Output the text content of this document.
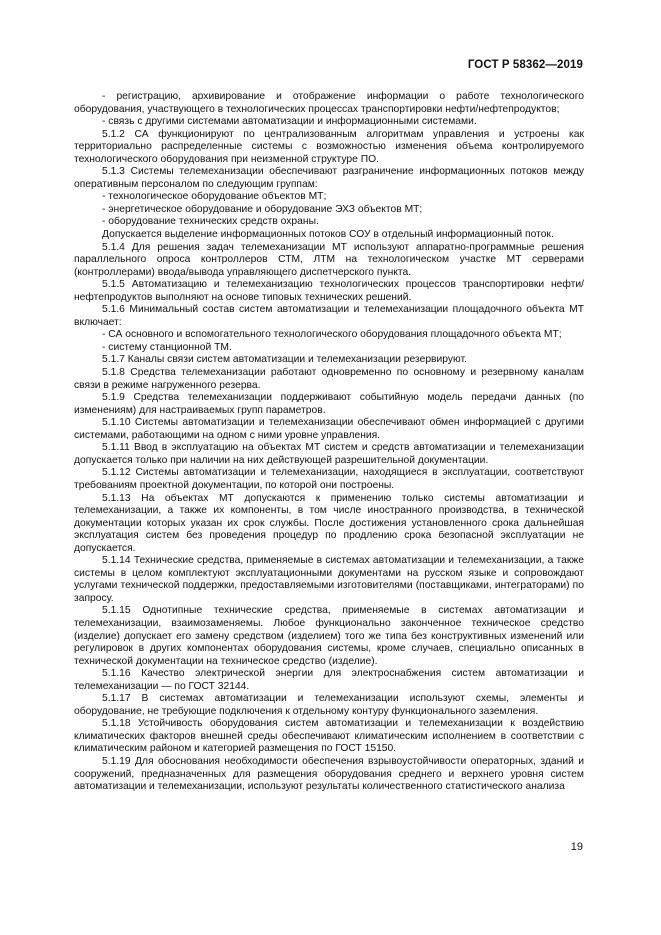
ГОСТ Р 58362—2019

- регистрацию, архивирование и отображение информации о работе технологического оборудования, участвующего в технологических процессах транспортировки нефти/нефтепродуктов;

- связь с другими системами автоматизации и информационными системами.

5.1.2 СА функционируют по централизованным алгоритмам управления и устроены как территориально распределенные системы с возможностью изменения объема контролируемого технологического оборудования при неизменной структуре ПО.

5.1.3 Системы телемеханизации обеспечивают разграничение информационных потоков между оперативным персоналом по следующим группам:

- технологическое оборудование объектов МТ;

- энергетическое оборудование и оборудование ЭХЗ объектов МТ;

- оборудование технических средств охраны.

Допускается выделение информационных потоков СОУ в отдельный информационный поток.

5.1.4 Для решения задач телемеханизации МТ используют аппаратно-программные решения параллельного опроса контроллеров СТМ, ЛТМ на технологическом участке МТ серверами (контроллерами) ввода/вывода управляющего диспетчерского пункта.

5.1.5 Автоматизацию и телемеханизацию технологических процессов транспортировки нефти/нефтепродуктов выполняют на основе типовых технических решений.

5.1.6 Минимальный состав систем автоматизации и телемеханизации площадочного объекта МТ включает:

- СА основного и вспомогательного технологического оборудования площадочного объекта МТ;

- систему станционной ТМ.

5.1.7 Каналы связи систем автоматизации и телемеханизации резервируют.

5.1.8 Средства телемеханизации работают одновременно по основному и резервному каналам связи в режиме нагруженного резерва.

5.1.9 Средства телемеханизации поддерживают событийную модель передачи данных (по изменениям) для настраиваемых групп параметров.

5.1.10 Системы автоматизации и телемеханизации обеспечивают обмен информацией с другими системами, работающими на одном с ними уровне управления.

5.1.11 Ввод в эксплуатацию на объектах МТ систем и средств автоматизации и телемеханизации допускается только при наличии на них действующей разрешительной документации.

5.1.12 Системы автоматизации и телемеханизации, находящиеся в эксплуатации, соответствуют требованиям проектной документации, по которой они построены.

5.1.13 На объектах МТ допускаются к применению только системы автоматизации и телемеханизации, а также их компоненты, в том числе иностранного производства, в технической документации которых указан их срок службы. После достижения установленного срока дальнейшая эксплуатация систем без проведения процедур по продлению срока безопасной эксплуатации не допускается.

5.1.14 Технические средства, применяемые в системах автоматизации и телемеханизации, а также системы в целом комплектуют эксплуатационными документами на русском языке и сопровождают услугами технической поддержки, предоставляемыми изготовителями (поставщиками, интеграторами) по запросу.

5.1.15 Однотипные технические средства, применяемые в системах автоматизации и телемеханизации, взаимозаменяемы. Любое функционально законченное техническое средство (изделие) допускает его замену средством (изделием) того же типа без конструктивных изменений или регулировок в других компонентах оборудования системы, кроме случаев, специально описанных в технической документации на техническое средство (изделие).

5.1.16 Качество электрической энергии для электроснабжения систем автоматизации и телемеханизации — по ГОСТ 32144.

5.1.17 В системах автоматизации и телемеханизации используют схемы, элементы и оборудование, не требующие подключения к отдельному контуру функционального заземления.

5.1.18 Устойчивость оборудования систем автоматизации и телемеханизации к воздействию климатических факторов внешней среды обеспечивают климатическим исполнением в соответствии с климатическим районом и категорией размещения по ГОСТ 15150.

5.1.19 Для обоснования необходимости обеспечения взрывоустойчивости операторных, зданий и сооружений, предназначенных для размещения оборудования среднего и верхнего уровня систем автоматизации и телемеханизации, используют результаты количественного статистического анализа

19
